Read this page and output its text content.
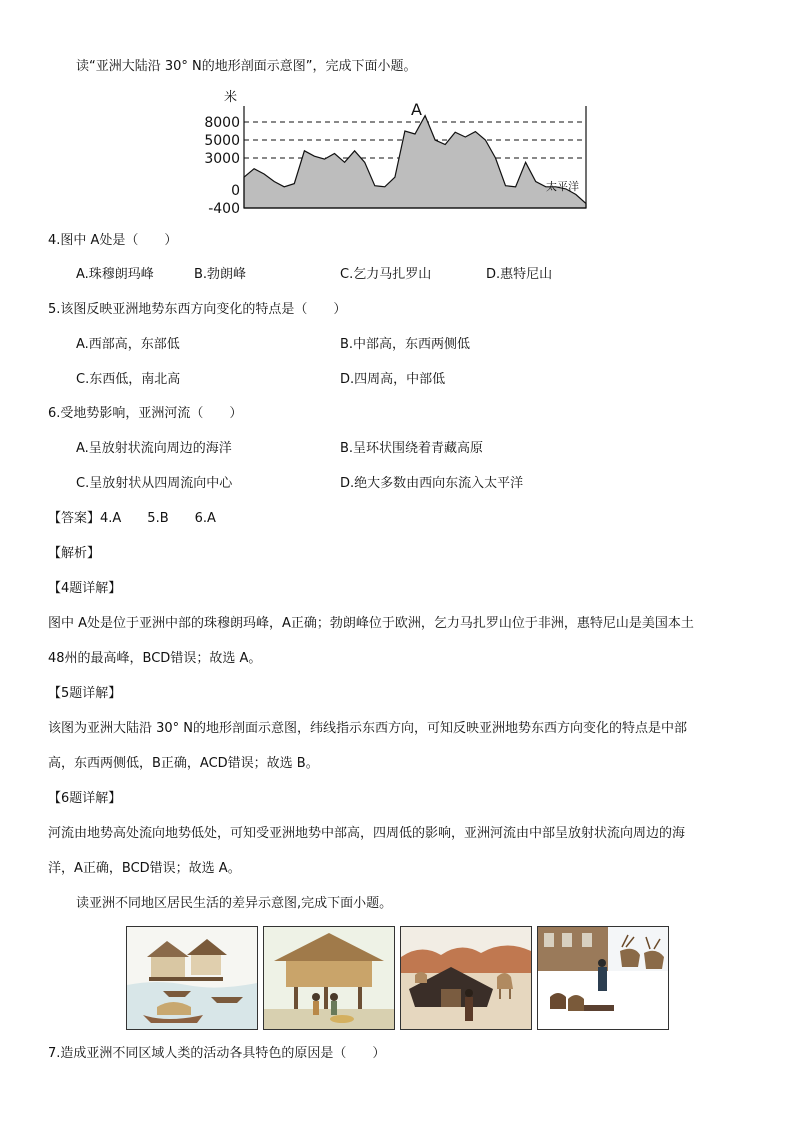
读“亚洲大陆沿 30° N的地形剖面示意图”，完成下面小题。
米
A
8000
5000
3000
0
-400
太平洋
4.图中 A处是（　　）
A.珠穆朗玛峰	B.勃朗峰	C.乞力马扎罗山	D.惠特尼山
5.该图反映亚洲地势东西方向变化的特点是（　　）
A.西部高，东部低	B.中部高，东西两侧低
C.东西低，南北高	D.四周高，中部低
6.受地势影响，亚洲河流（　　）
A.呈放射状流向周边的海洋	B.呈环状围绕着青藏高原
C.呈放射状从四周流向中心	D.绝大多数由西向东流入太平洋
【答案】4.A　　5.B　　6.A
【解析】
【4题详解】
图中 A处是位于亚洲中部的珠穆朗玛峰，A正确；勃朗峰位于欧洲，乞力马扎罗山位于非洲，惠特尼山是美国本土
48州的最高峰，BCD错误；故选 A。
【5题详解】
该图为亚洲大陆沿 30° N的地形剖面示意图，纬线指示东西方向，可知反映亚洲地势东西方向变化的特点是中部
高，东西两侧低，B正确，ACD错误；故选 B。
【6题详解】
河流由地势高处流向地势低处，可知受亚洲地势中部高，四周低的影响，亚洲河流由中部呈放射状流向周边的海
洋，A正确，BCD错误；故选 A。
读亚洲不同地区居民生活的差异示意图,完成下面小题。
7.造成亚洲不同区域人类的活动各具特色的原因是（　　）
